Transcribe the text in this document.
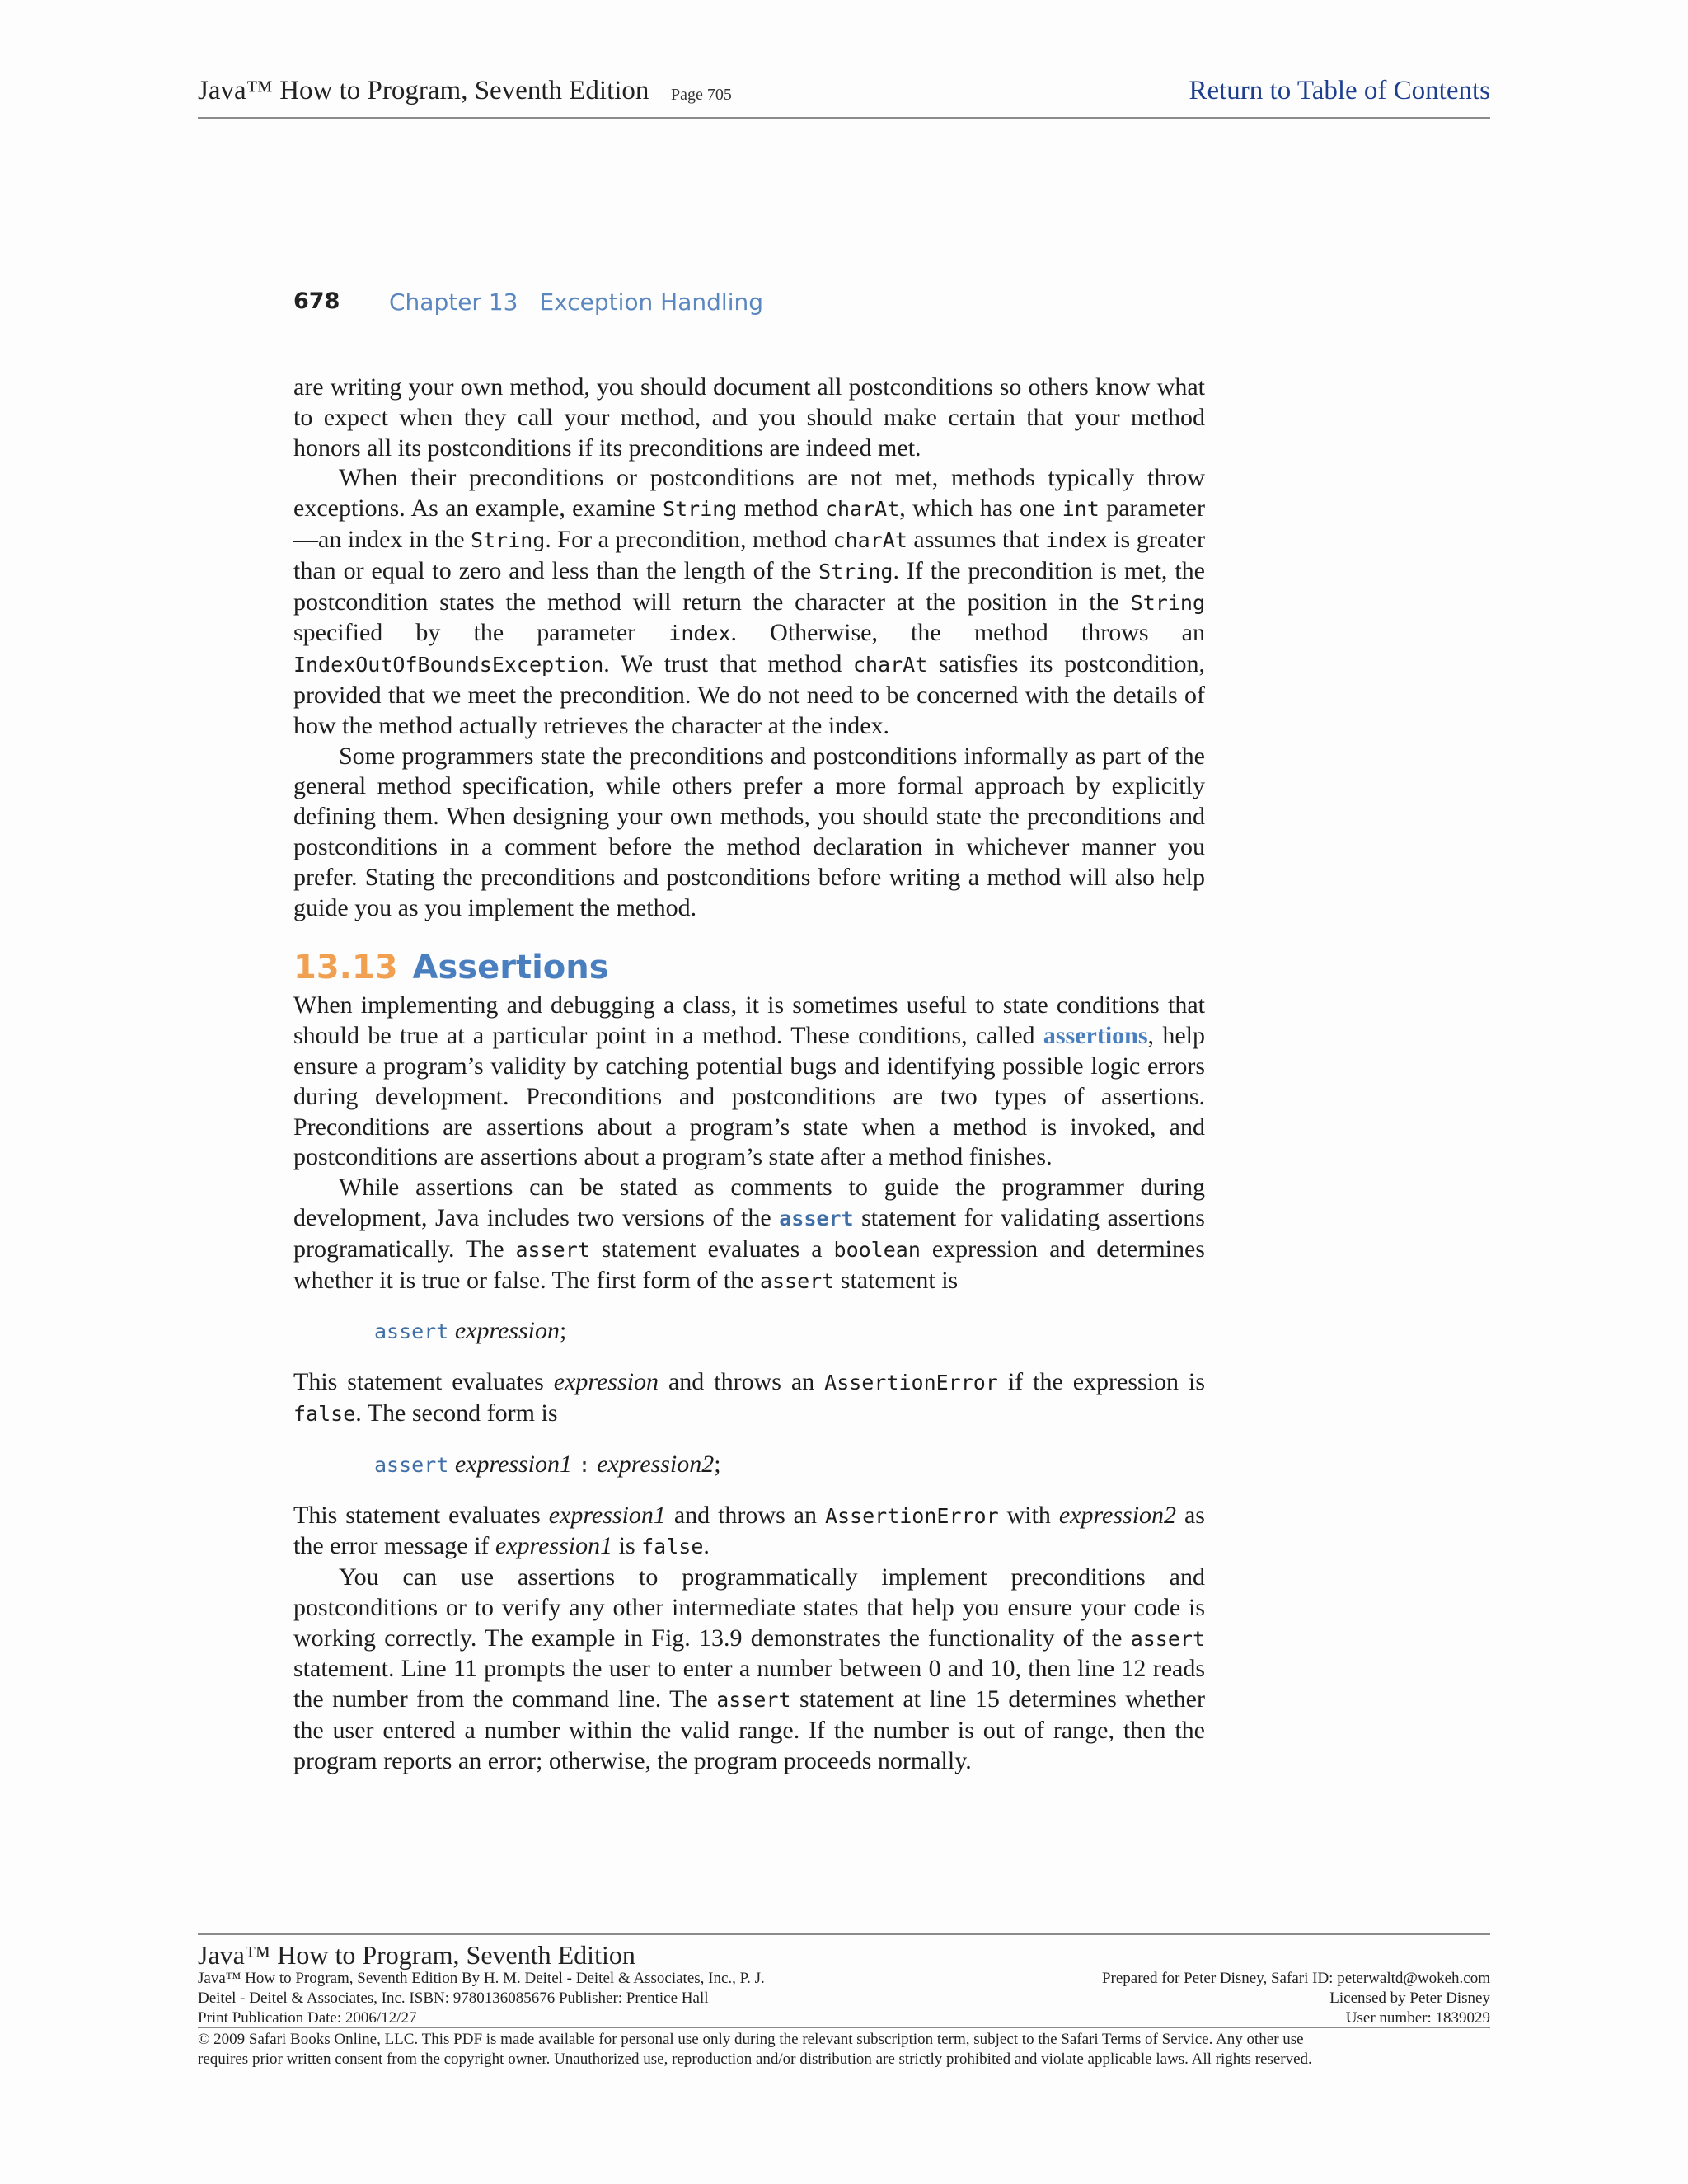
Java™ How to Program, Seventh Edition Page 705	Return to Table of Contents
678 Chapter 13 Exception Handling

are writing your own method, you should document all postconditions so others know what to expect when they call your method, and you should make certain that your method honors all its postconditions if its preconditions are indeed met.

When their preconditions or postconditions are not met, methods typically throw exceptions. As an example, examine String method charAt, which has one int parameter—an index in the String. For a precondition, method charAt assumes that index is greater than or equal to zero and less than the length of the String. If the precondition is met, the postcondition states the method will return the character at the position in the String specified by the parameter index. Otherwise, the method throws an IndexOutOfBoundsException. We trust that method charAt satisfies its postcondition, provided that we meet the precondition. We do not need to be concerned with the details of how the method actually retrieves the character at the index.

Some programmers state the preconditions and postconditions informally as part of the general method specification, while others prefer a more formal approach by explicitly defining them. When designing your own methods, you should state the preconditions and postconditions in a comment before the method declaration in whichever manner you prefer. Stating the preconditions and postconditions before writing a method will also help guide you as you implement the method.

13.13 Assertions

When implementing and debugging a class, it is sometimes useful to state conditions that should be true at a particular point in a method. These conditions, called assertions, help ensure a program’s validity by catching potential bugs and identifying possible logic errors during development. Preconditions and postconditions are two types of assertions. Preconditions are assertions about a program’s state when a method is invoked, and postconditions are assertions about a program’s state after a method finishes.

While assertions can be stated as comments to guide the programmer during development, Java includes two versions of the assert statement for validating assertions programatically. The assert statement evaluates a boolean expression and determines whether it is true or false. The first form of the assert statement is

assert expression;

This statement evaluates expression and throws an AssertionError if the expression is false. The second form is

assert expression1 : expression2;

This statement evaluates expression1 and throws an AssertionError with expression2 as the error message if expression1 is false.

You can use assertions to programmatically implement preconditions and postconditions or to verify any other intermediate states that help you ensure your code is working correctly. The example in Fig. 13.9 demonstrates the functionality of the assert statement. Line 11 prompts the user to enter a number between 0 and 10, then line 12 reads the number from the command line. The assert statement at line 15 determines whether the user entered a number within the valid range. If the number is out of range, then the program reports an error; otherwise, the program proceeds normally.

Java™ How to Program, Seventh Edition
Java™ How to Program, Seventh Edition By H. M. Deitel - Deitel & Associates, Inc., P. J.
Deitel - Deitel & Associates, Inc. ISBN: 9780136085676 Publisher: Prentice Hall
Print Publication Date: 2006/12/27
Prepared for Peter Disney, Safari ID: peterwaltd@wokeh.com
Licensed by Peter Disney
User number: 1839029
© 2009 Safari Books Online, LLC. This PDF is made available for personal use only during the relevant subscription term, subject to the Safari Terms of Service. Any other use
requires prior written consent from the copyright owner. Unauthorized use, reproduction and/or distribution are strictly prohibited and violate applicable laws. All rights reserved.
